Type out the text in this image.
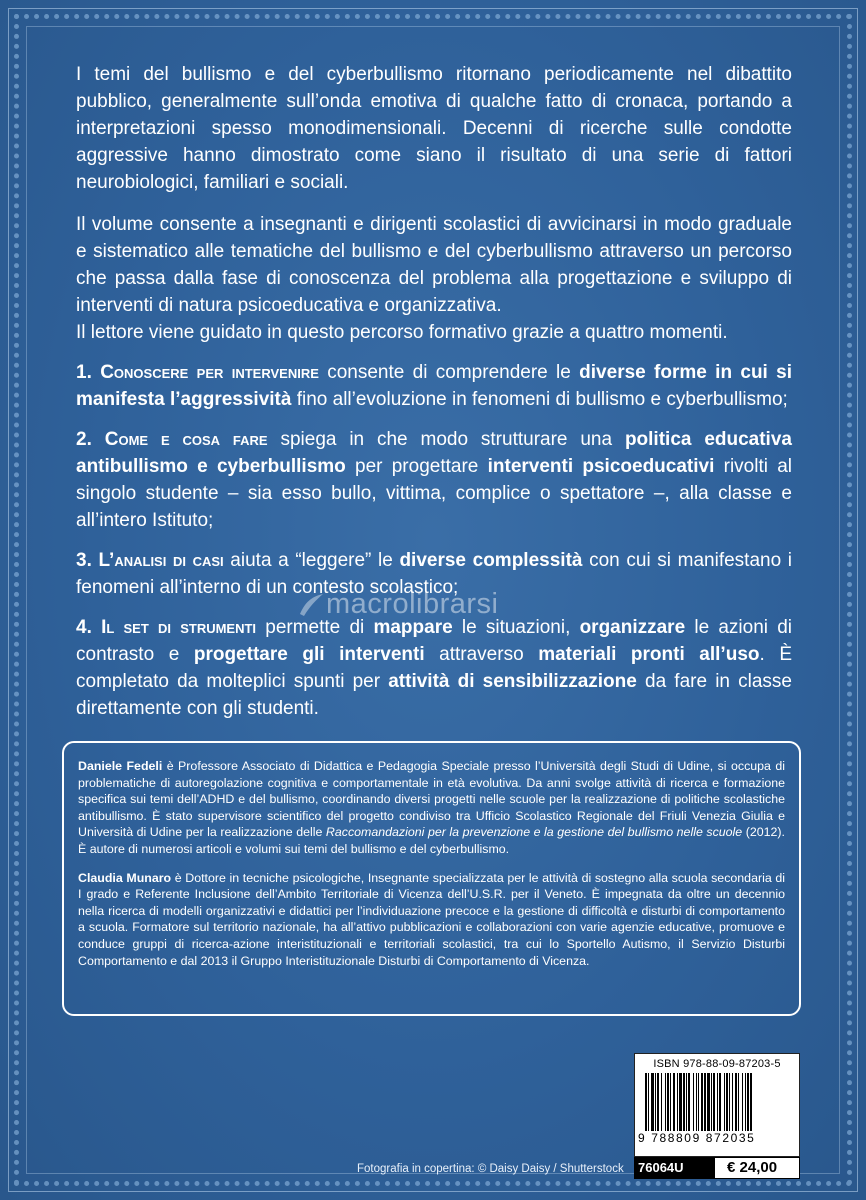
I temi del bullismo e del cyberbullismo ritornano periodicamente nel dibattito pubblico, generalmente sull’onda emotiva di qualche fatto di cronaca, portando a interpretazioni spesso monodimensionali. Decenni di ricerche sulle condotte aggressive hanno dimostrato come siano il risultato di una serie di fattori neurobiologici, familiari e sociali.

Il volume consente a insegnanti e dirigenti scolastici di avvicinarsi in modo graduale e sistematico alle tematiche del bullismo e del cyberbullismo attraverso un percorso che passa dalla fase di conoscenza del problema alla progettazione e sviluppo di interventi di natura psicoeducativa e organizzativa.

Il lettore viene guidato in questo percorso formativo grazie a quattro momenti.

1. Conoscere per intervenire consente di comprendere le diverse forme in cui si manifesta l’aggressività fino all’evoluzione in fenomeni di bullismo e cyberbullismo;

2. Come e cosa fare spiega in che modo strutturare una politica educativa antibullismo e cyberbullismo per progettare interventi psicoeducativi rivolti al singolo studente – sia esso bullo, vittima, complice o spettatore –, alla classe e all’intero Istituto;

3. L’analisi di casi aiuta a “leggere” le diverse complessità con cui si manifestano i fenomeni all’interno di un contesto scolastico;

4. Il set di strumenti permette di mappare le situazioni, organizzare le azioni di contrasto e progettare gli interventi attraverso materiali pronti all’uso. È completato da molteplici spunti per attività di sensibilizzazione da fare in classe direttamente con gli studenti.

macrolibrarsi

Daniele Fedeli è Professore Associato di Didattica e Pedagogia Speciale presso l’Università degli Studi di Udine, si occupa di problematiche di autoregolazione cognitiva e comportamentale in età evolutiva. Da anni svolge attività di ricerca e formazione specifica sui temi dell’ADHD e del bullismo, coordinando diversi progetti nelle scuole per la realizzazione di politiche scolastiche antibullismo. È stato supervisore scientifico del progetto condiviso tra Ufficio Scolastico Regionale del Friuli Venezia Giulia e Università di Udine per la realizzazione delle Raccomandazioni per la prevenzione e la gestione del bullismo nelle scuole (2012). È autore di numerosi articoli e volumi sui temi del bullismo e del cyberbullismo.

Claudia Munaro è Dottore in tecniche psicologiche, Insegnante specializzata per le attività di sostegno alla scuola secondaria di I grado e Referente Inclusione dell’Ambito Territoriale di Vicenza dell’U.S.R. per il Veneto. È impegnata da oltre un decennio nella ricerca di modelli organizzativi e didattici per l’individuazione precoce e la gestione di difficoltà e disturbi di comportamento a scuola. Formatore sul territorio nazionale, ha all’attivo pubblicazioni e collaborazioni con varie agenzie educative, promuove e conduce gruppi di ricerca-azione interistituzionali e territoriali scolastici, tra cui lo Sportello Autismo, il Servizio Disturbi Comportamento e dal 2013 il Gruppo Interistituzionale Disturbi di Comportamento di Vicenza.

Fotografia in copertina: © Daisy Daisy / Shutterstock
ISBN 978-88-09-87203-5
9 788809 872035
76064U	€ 24,00
